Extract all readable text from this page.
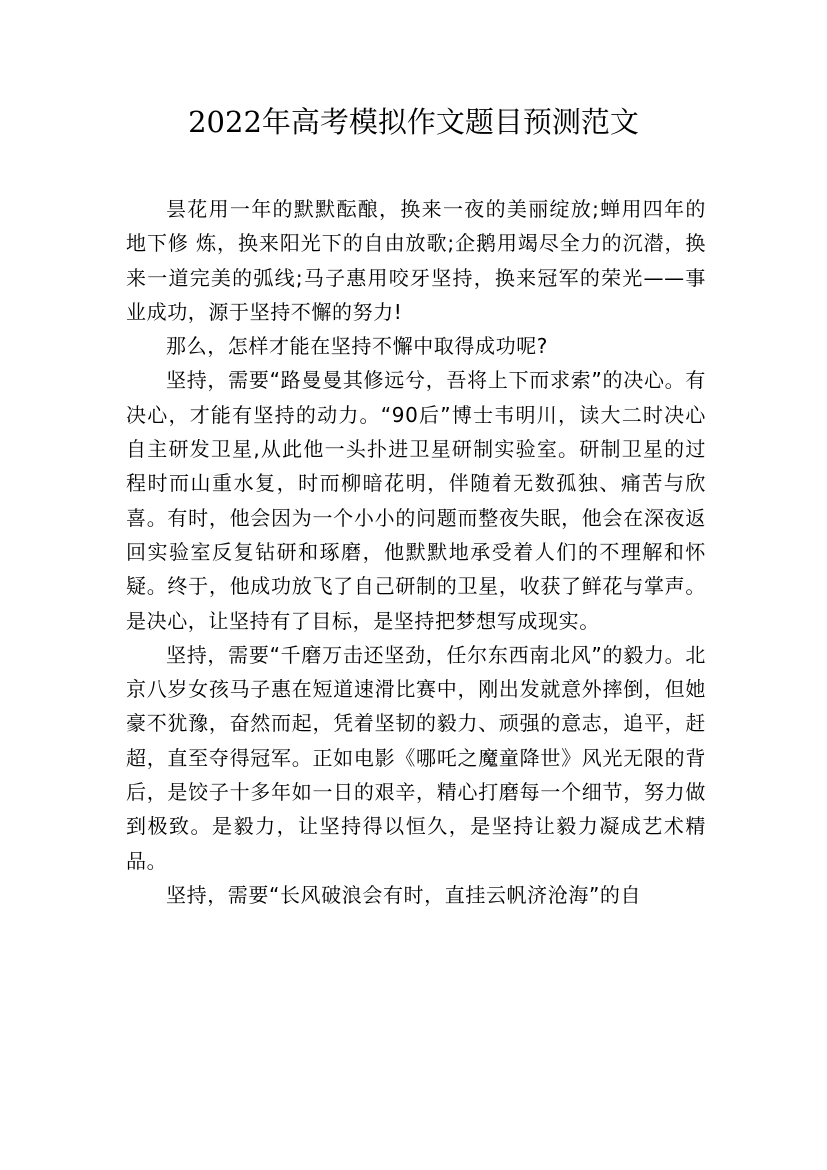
2022年高考模拟作文题目预测范文

昙花用一年的默默酝酿，换来一夜的美丽绽放;蝉用四年的地下修 炼，换来阳光下的自由放歌;企鹅用竭尽全力的沉潜，换来一道完美的弧线;马子惠用咬牙坚持，换来冠军的荣光——事业成功，源于坚持不懈的努力!

那么，怎样才能在坚持不懈中取得成功呢?

坚持，需要“路曼曼其修远兮，吾将上下而求索”的决心。有决心，才能有坚持的动力。“90后”博士韦明川，读大二时决心自主研发卫星,从此他一头扑进卫星研制实验室。研制卫星的过程时而山重水复，时而柳暗花明，伴随着无数孤独、痛苦与欣喜。有时，他会因为一个小小的问题而整夜失眠，他会在深夜返回实验室反复钻研和琢磨，他默默地承受着人们的不理解和怀疑。终于，他成功放飞了自己研制的卫星，收获了鲜花与掌声。是决心，让坚持有了目标，是坚持把梦想写成现实。

坚持，需要“千磨万击还坚劲，任尔东西南北风”的毅力。北京八岁女孩马子惠在短道速滑比赛中，刚出发就意外摔倒，但她豪不犹豫，奋然而起，凭着坚韧的毅力、顽强的意志，追平，赶超，直至夺得冠军。正如电影《哪吒之魔童降世》风光无限的背后，是饺子十多年如一日的艰辛，精心打磨每一个细节，努力做到极致。是毅力，让坚持得以恒久，是坚持让毅力凝成艺术精品。

坚持，需要“长风破浪会有时，直挂云帆济沧海”的自
